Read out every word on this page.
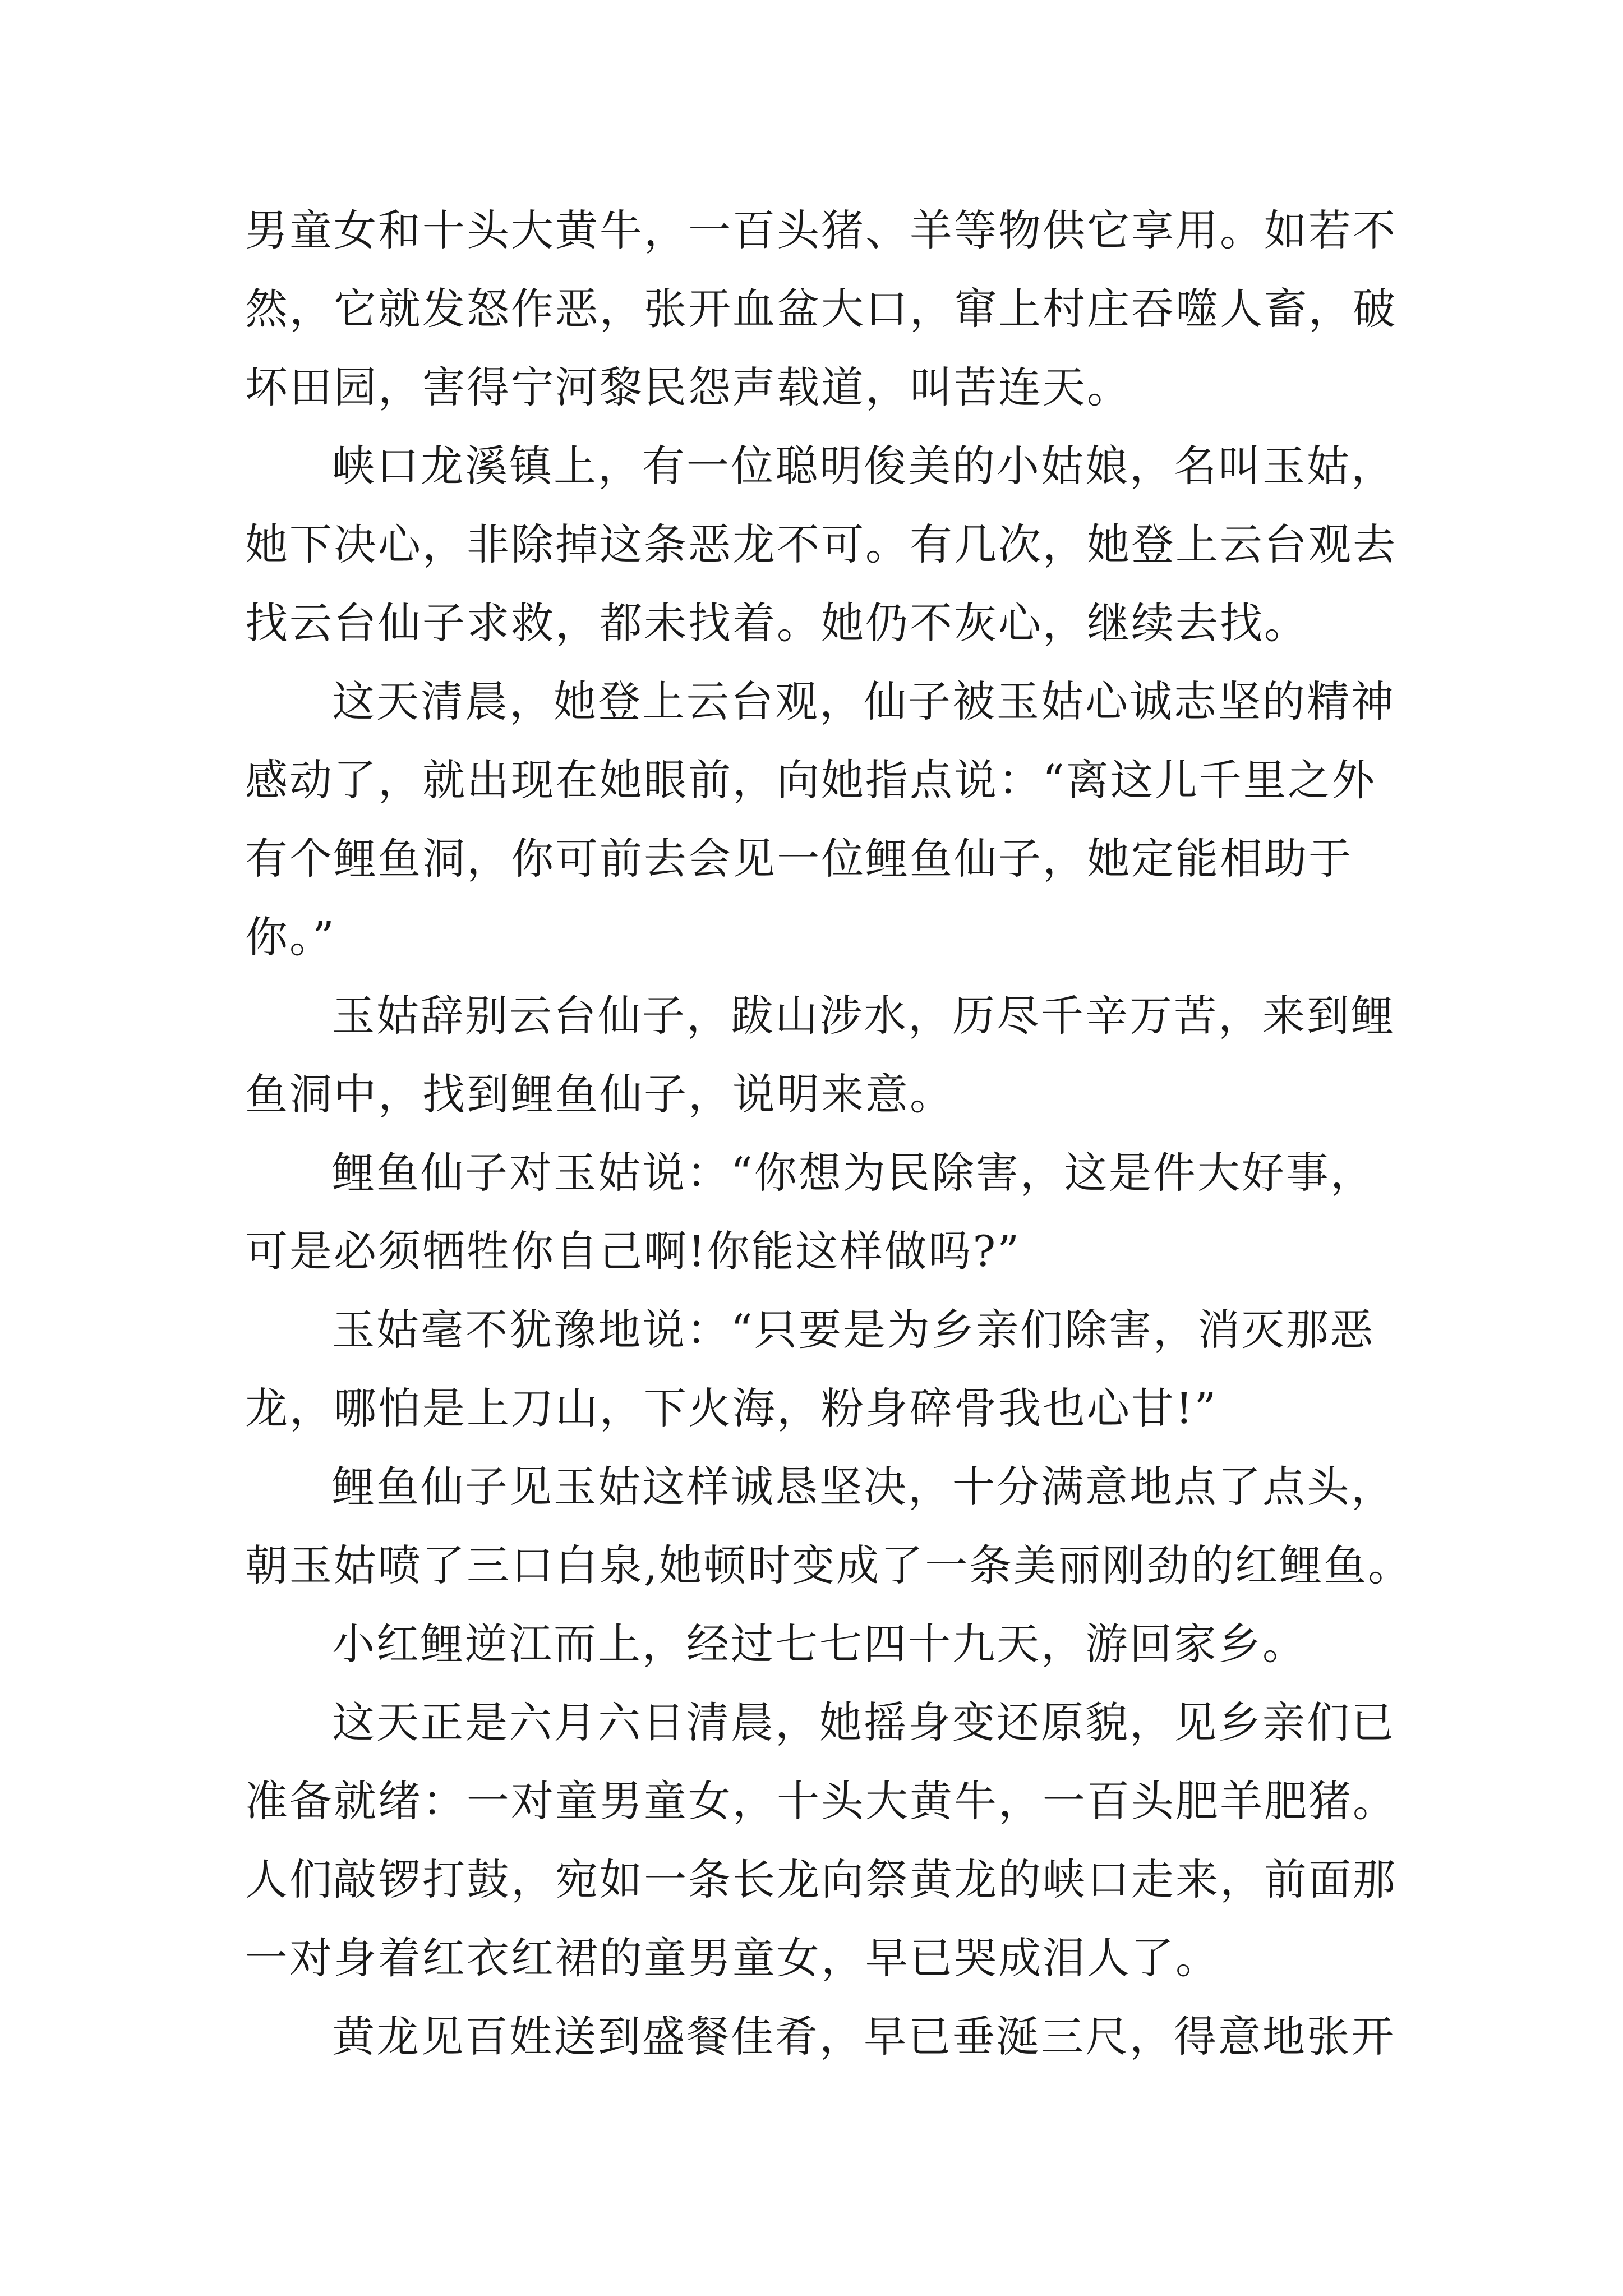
男童女和十头大黄牛，一百头猪、羊等物供它享用。如若不
然，它就发怒作恶，张开血盆大口，窜上村庄吞噬人畜，破
坏田园，害得宁河黎民怨声载道，叫苦连天。
峡口龙溪镇上，有一位聪明俊美的小姑娘，名叫玉姑，
她下决心，非除掉这条恶龙不可。有几次，她登上云台观去
找云台仙子求救，都未找着。她仍不灰心，继续去找。
这天清晨，她登上云台观，仙子被玉姑心诚志坚的精神
感动了，就出现在她眼前，向她指点说：“离这儿千里之外
有个鲤鱼洞，你可前去会见一位鲤鱼仙子，她定能相助于
你。”
玉姑辞别云台仙子，跋山涉水，历尽千辛万苦，来到鲤
鱼洞中，找到鲤鱼仙子，说明来意。
鲤鱼仙子对玉姑说：“你想为民除害，这是件大好事，
可是必须牺牲你自己啊!你能这样做吗?”
玉姑毫不犹豫地说：“只要是为乡亲们除害，消灭那恶
龙，哪怕是上刀山，下火海，粉身碎骨我也心甘!”
鲤鱼仙子见玉姑这样诚恳坚决，十分满意地点了点头，
朝玉姑喷了三口白泉,她顿时变成了一条美丽刚劲的红鲤鱼。
小红鲤逆江而上，经过七七四十九天，游回家乡。
这天正是六月六日清晨，她摇身变还原貌，见乡亲们已
准备就绪：一对童男童女，十头大黄牛，一百头肥羊肥猪。
人们敲锣打鼓，宛如一条长龙向祭黄龙的峡口走来，前面那
一对身着红衣红裙的童男童女，早已哭成泪人了。
黄龙见百姓送到盛餐佳肴，早已垂涎三尺，得意地张开
